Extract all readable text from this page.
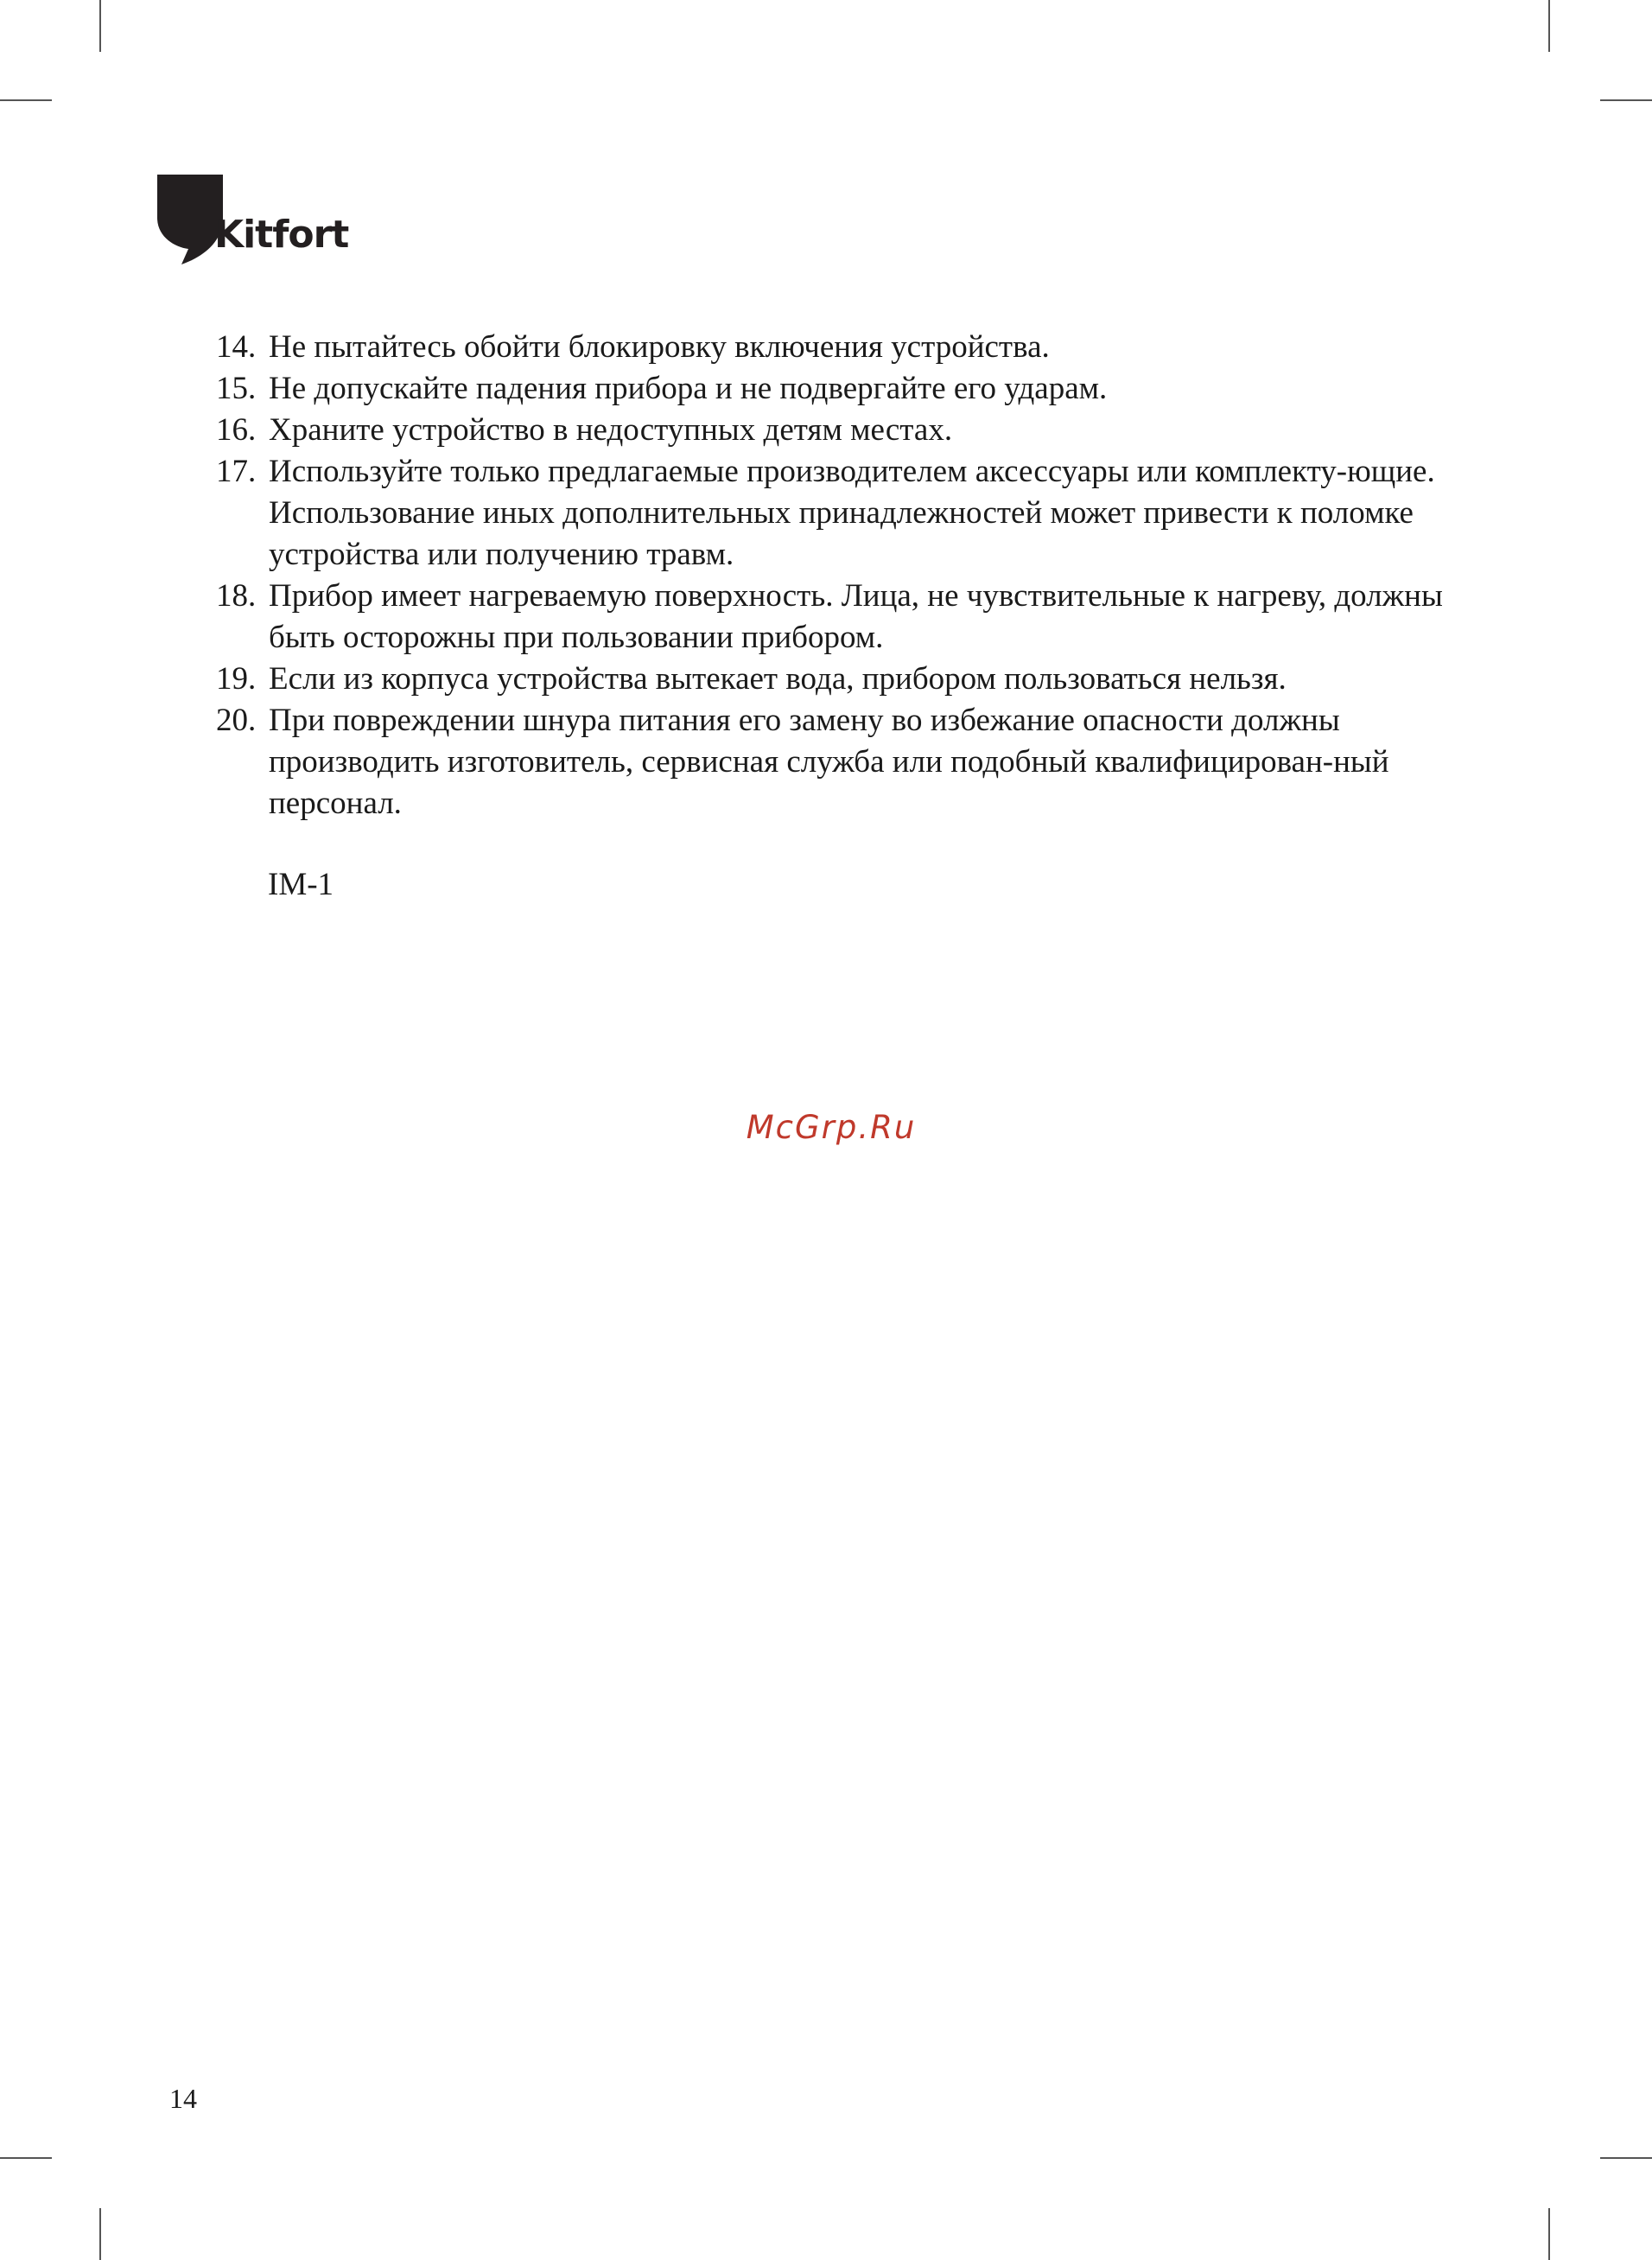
Kitfort
14. Не пытайтесь обойти блокировку включения устройства.
15. Не допускайте падения прибора и не подвергайте его ударам.
16. Храните устройство в недоступных детям местах.
17. Используйте только предлагаемые производителем аксессуары или комплекту-ющие. Использование иных дополнительных принадлежностей может привести к поломке устройства или получению травм.
18. Прибор имеет нагреваемую поверхность. Лица, не чувствительные к нагреву, должны быть осторожны при пользовании прибором.
19. Если из корпуса устройства вытекает вода, прибором пользоваться нельзя.
20. При повреждении шнура питания его замену во избежание опасности должны производить изготовитель, сервисная служба или подобный квалифицирован-ный персонал.
IM-1
McGrp.Ru
14
